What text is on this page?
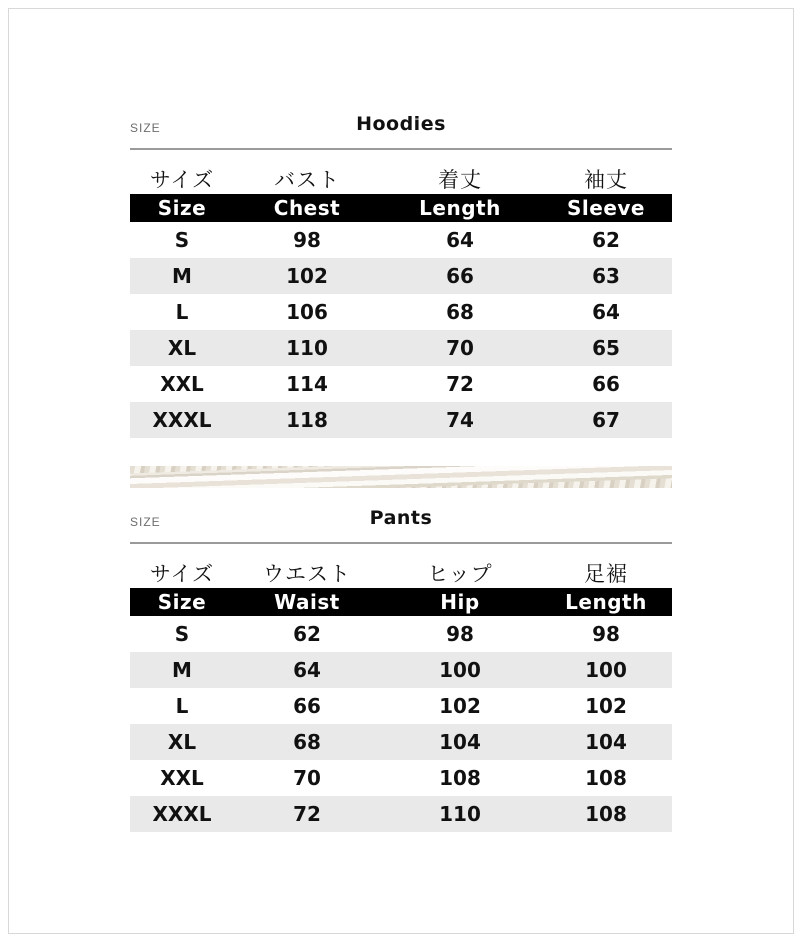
SIZE	Hoodies
サイズ	バスト	着丈	袖丈
Size	Chest	Length	Sleeve
S	98	64	62
M	102	66	63
L	106	68	64
XL	110	70	65
XXL	114	72	66
XXXL	118	74	67
SIZE	Pants
サイズ	ウエスト	ヒップ	足裾
Size	Waist	Hip	Length
S	62	98	98
M	64	100	100
L	66	102	102
XL	68	104	104
XXL	70	108	108
XXXL	72	110	108
